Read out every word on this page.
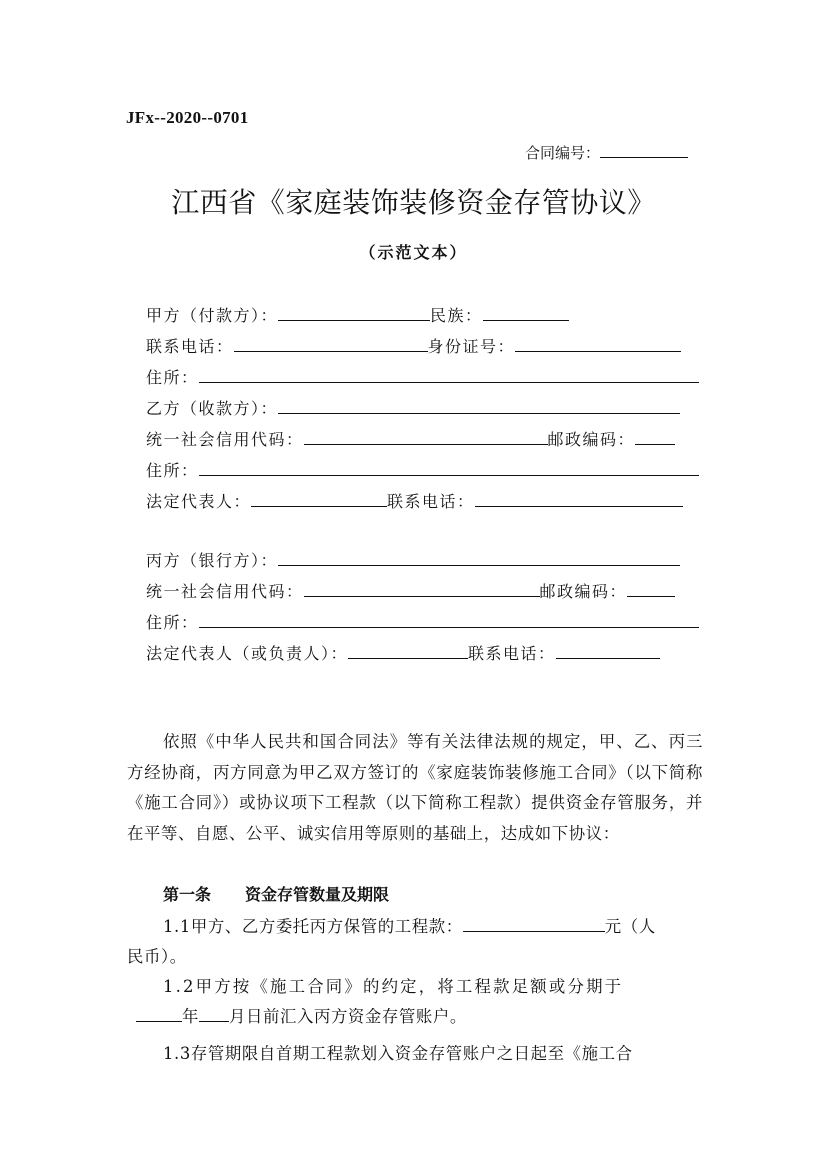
JFx--2020--0701
合同编号：
江西省《家庭装饰装修资金存管协议》
（示范文本）
甲方（付款方）：	民族：
联系电话：	身份证号：
住所：
乙方（收款方）：
统一社会信用代码：	邮政编码：
住所：
法定代表人：	联系电话：
丙方（银行方）：
统一社会信用代码：	邮政编码：
住所：
法定代表人（或负责人）：	联系电话：
依照《中华人民共和国合同法》等有关法律法规的规定，甲、乙、丙三方经协商，丙方同意为甲乙双方签订的《家庭装饰装修施工合同》（以下简称《施工合同》）或协议项下工程款（以下简称工程款）提供资金存管服务，并在平等、自愿、公平、诚实信用等原则的基础上，达成如下协议：
第一条 资金存管数量及期限
1.1甲方、乙方委托丙方保管的工程款：	元（人
民币）。
1.2甲方按《施工合同》的约定，将工程款足额或分期于
年 月日前汇入丙方资金存管账户。
1.3存管期限自首期工程款划入资金存管账户之日起至《施工合
